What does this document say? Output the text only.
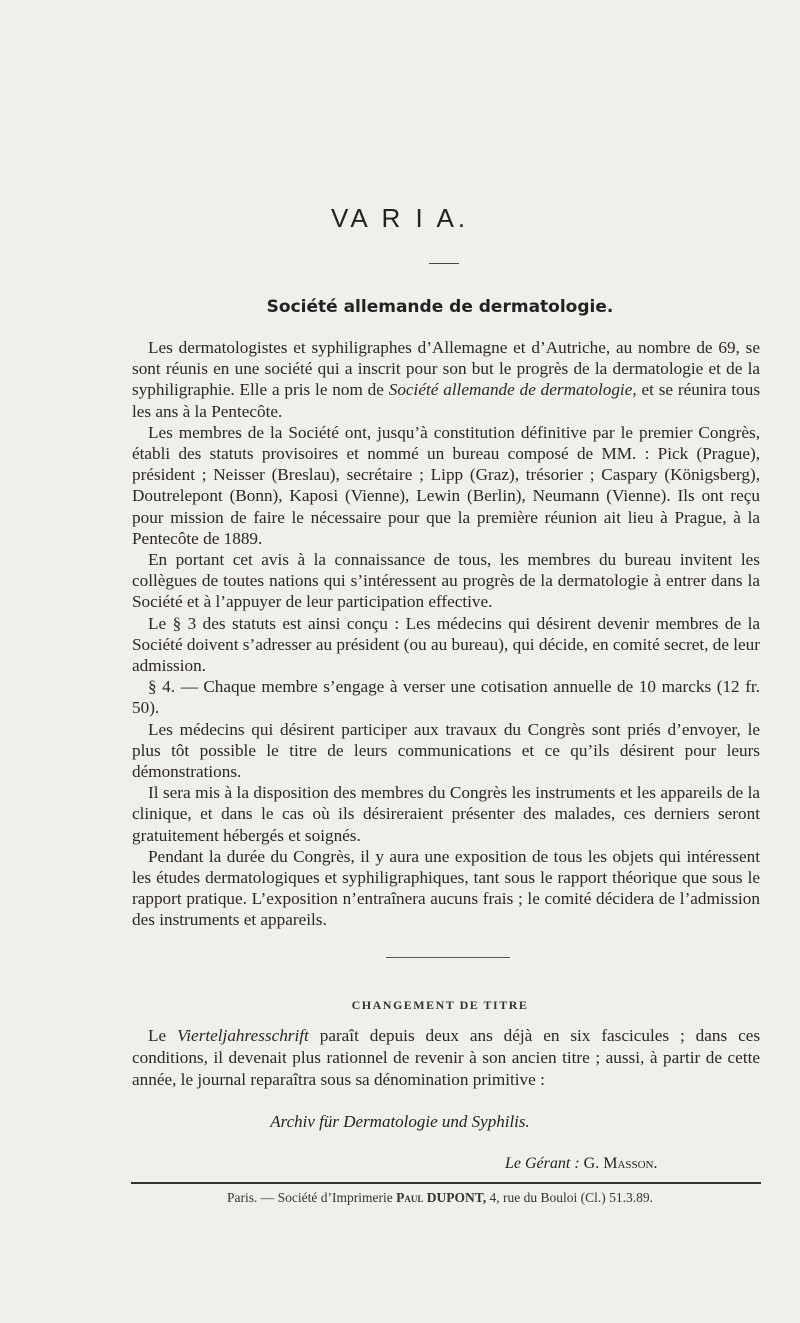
VA R I A.
Société allemande de dermatologie.

Les dermatologistes et syphiligraphes d’Allemagne et d’Autriche, au nombre de 69, se sont réunis en une société qui a inscrit pour son but le progrès de la dermatologie et de la syphiligraphie. Elle a pris le nom de Société allemande de dermatologie, et se réunira tous les ans à la Pentecôte.

Les membres de la Société ont, jusqu’à constitution définitive par le premier Congrès, établi des statuts provisoires et nommé un bureau composé de MM. : Pick (Prague), président ; Neisser (Breslau), secrétaire ; Lipp (Graz), trésorier ; Caspary (Königsberg), Doutrelepont (Bonn), Kaposi (Vienne), Lewin (Berlin), Neumann (Vienne). Ils ont reçu pour mission de faire le nécessaire pour que la première réunion ait lieu à Prague, à la Pentecôte de 1889.

En portant cet avis à la connaissance de tous, les membres du bureau invitent les collègues de toutes nations qui s’intéressent au progrès de la dermatologie à entrer dans la Société et à l’appuyer de leur participation effective.

Le § 3 des statuts est ainsi conçu : Les médecins qui désirent devenir membres de la Société doivent s’adresser au président (ou au bureau), qui décide, en comité secret, de leur admission.

§ 4. — Chaque membre s’engage à verser une cotisation annuelle de 10 marcks (12 fr. 50).

Les médecins qui désirent participer aux travaux du Congrès sont priés d’envoyer, le plus tôt possible le titre de leurs communications et ce qu’ils désirent pour leurs démonstrations.

Il sera mis à la disposition des membres du Congrès les instruments et les appareils de la clinique, et dans le cas où ils désireraient présenter des malades, ces derniers seront gratuitement hébergés et soignés.

Pendant la durée du Congrès, il y aura une exposition de tous les objets qui intéressent les études dermatologiques et syphiligraphiques, tant sous le rapport théorique que sous le rapport pratique. L’exposition n’entraînera aucuns frais ; le comité décidera de l’admission des instruments et appareils.

CHANGEMENT DE TITRE

Le Vierteljahresschrift paraît depuis deux ans déjà en six fascicules ; dans ces conditions, il devenait plus rationnel de revenir à son ancien titre ; aussi, à partir de cette année, le journal reparaîtra sous sa dénomination primitive :

Archiv für Dermatologie und Syphilis.
Le Gérant : G. Masson.
Paris. — Société d’Imprimerie Paul DUPONT, 4, rue du Bouloi (Cl.) 51.3.89.
